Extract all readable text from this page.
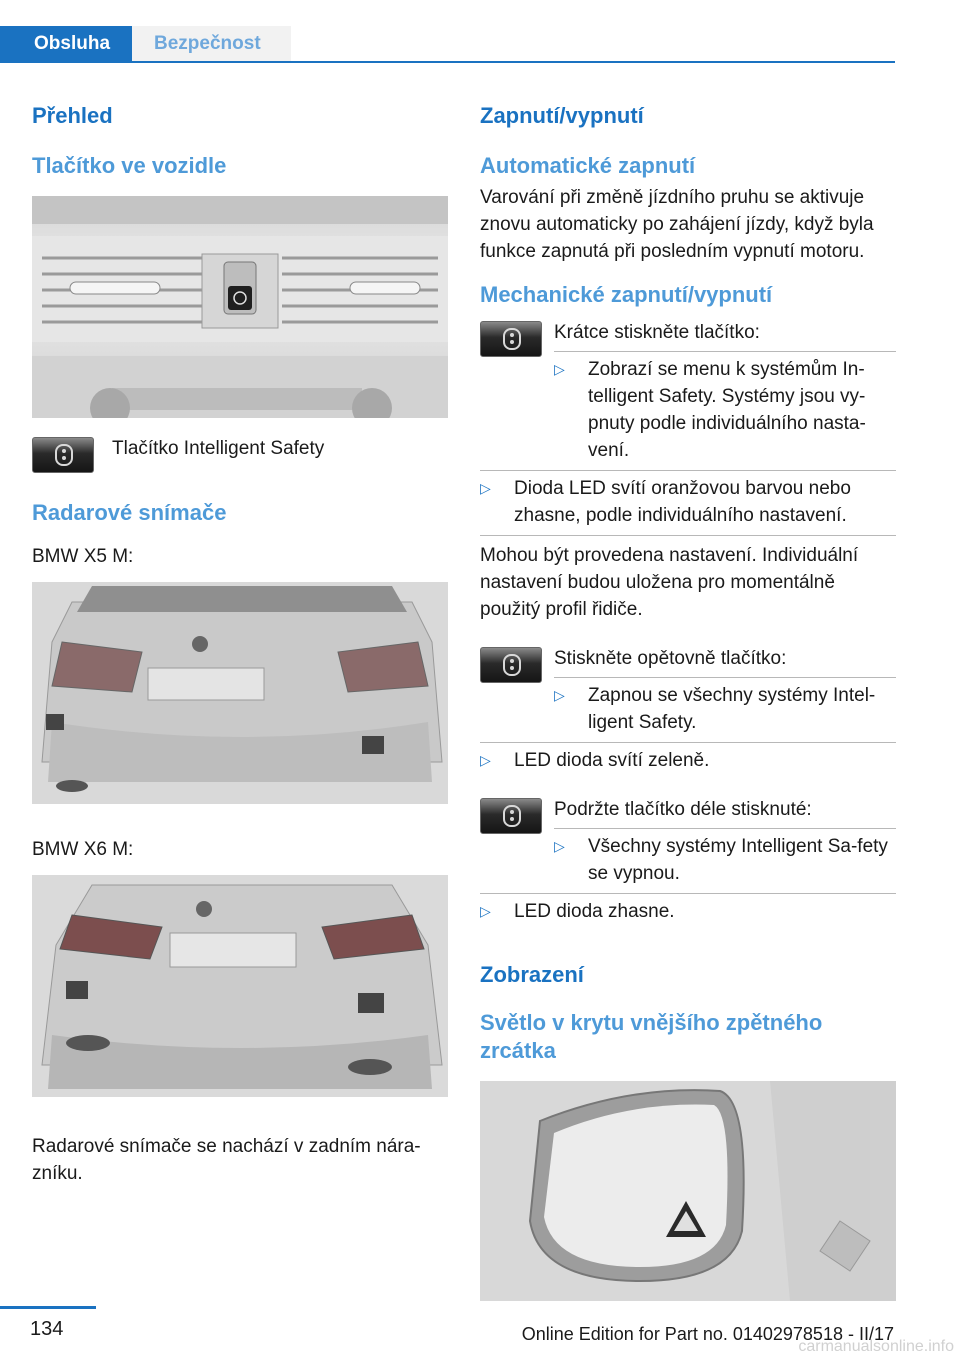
Obsluha	Bezpečnost
Přehled
Tlačítko ve vozidle
Tlačítko Intelligent Safety
Radarové snímače
BMW X5 M:
BMW X6 M:
Radarové snímače se nachází v zadním nára‐zníku.
Zapnutí/vypnutí
Automatické zapnutí
Varování při změně jízdního pruhu se aktivuje znovu automaticky po zahájení jízdy, když byla funkce zapnutá při posledním vypnutí motoru.
Mechanické zapnutí/vypnutí
Krátce stiskněte tlačítko:
▷ Zobrazí se menu k systémům In‐telligent Safety. Systémy jsou vy‐pnuty podle individuálního nasta‐vení.
▷ Dioda LED svítí oranžovou barvou nebo zhasne, podle individuálního nastavení.
Mohou být provedena nastavení. Individuální nastavení budou uložena pro momentálně použitý profil řidiče.
Stiskněte opětovně tlačítko:
▷ Zapnou se všechny systémy Intel‐ligent Safety.
▷ LED dioda svítí zeleně.
Podržte tlačítko déle stisknuté:
▷ Všechny systémy Intelligent Sa‐fety se vypnou.
▷ LED dioda zhasne.
Zobrazení
Světlo v krytu vnějšího zpětného zrcátka
134	Online Edition for Part no. 01402978518 - II/17
carmanualsonline.info
